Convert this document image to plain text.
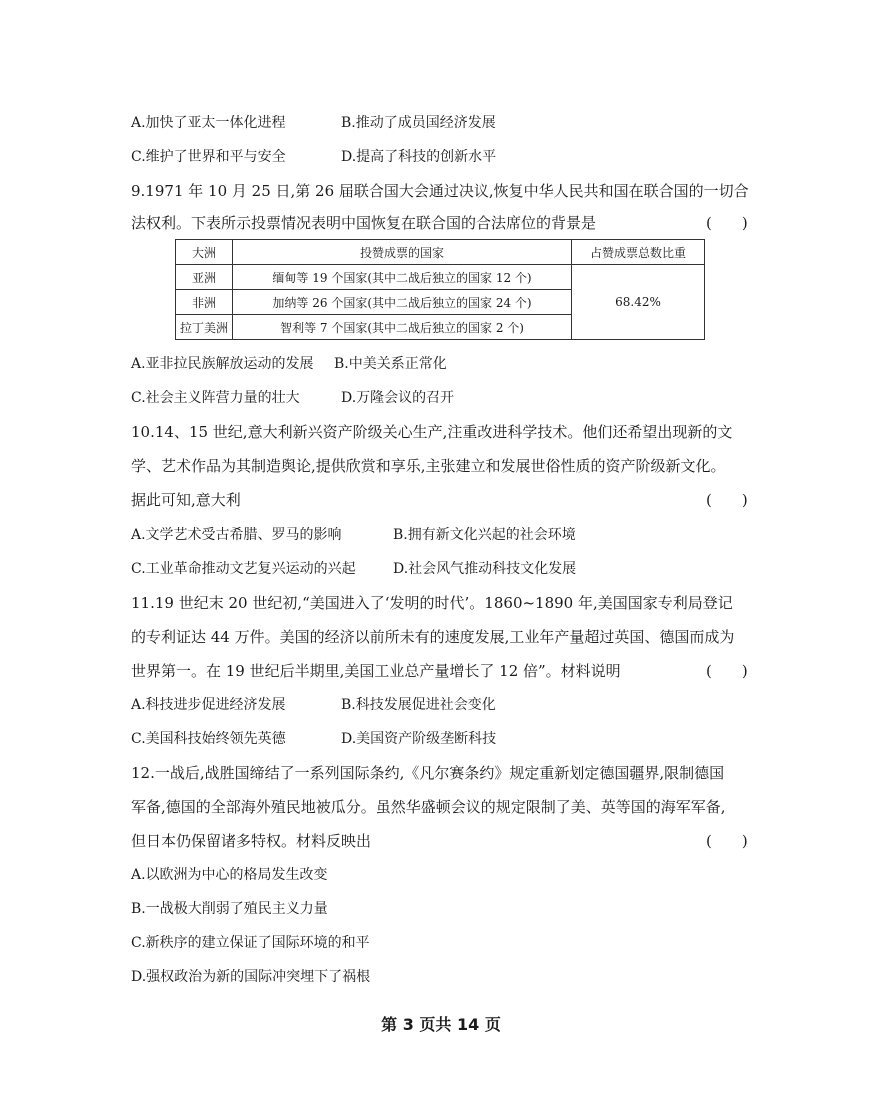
A.加快了亚太一体化进程	B.推动了成员国经济发展
C.维护了世界和平与安全	D.提高了科技的创新水平
9.1971 年 10 月 25 日,第 26 届联合国大会通过决议,恢复中华人民共和国在联合国的一切合
法权利。下表所示投票情况表明中国恢复在联合国的合法席位的背景是	(　　)
大洲	投赞成票的国家	占赞成票总数比重
亚洲	缅甸等 19 个国家(其中二战后独立的国家 12 个)	68.42%
非洲	加纳等 26 个国家(其中二战后独立的国家 24 个)	
拉丁美洲	智利等 7 个国家(其中二战后独立的国家 2 个)	
A.亚非拉民族解放运动的发展 B.中美关系正常化
C.社会主义阵营力量的壮大	D.万隆会议的召开
10.14、15 世纪,意大利新兴资产阶级关心生产,注重改进科学技术。他们还希望出现新的文
学、艺术作品为其制造舆论,提供欣赏和享乐,主张建立和发展世俗性质的资产阶级新文化。
据此可知,意大利	(　　)
A.文学艺术受古希腊、罗马的影响	B.拥有新文化兴起的社会环境
C.工业革命推动文艺复兴运动的兴起	D.社会风气推动科技文化发展
11.19 世纪末 20 世纪初,“美国进入了‘发明的时代’。1860~1890 年,美国国家专利局登记
的专利证达 44 万件。美国的经济以前所未有的速度发展,工业年产量超过英国、德国而成为
世界第一。在 19 世纪后半期里,美国工业总产量增长了 12 倍”。材料说明	(　　)
A.科技进步促进经济发展	B.科技发展促进社会变化
C.美国科技始终领先英德	D.美国资产阶级垄断科技
12.一战后,战胜国缔结了一系列国际条约,《凡尔赛条约》规定重新划定德国疆界,限制德国
军备,德国的全部海外殖民地被瓜分。虽然华盛顿会议的规定限制了美、英等国的海军军备,
但日本仍保留诸多特权。材料反映出	(　　)
A.以欧洲为中心的格局发生改变
B.一战极大削弱了殖民主义力量
C.新秩序的建立保证了国际环境的和平
D.强权政治为新的国际冲突埋下了祸根
第 3 页共 14 页
